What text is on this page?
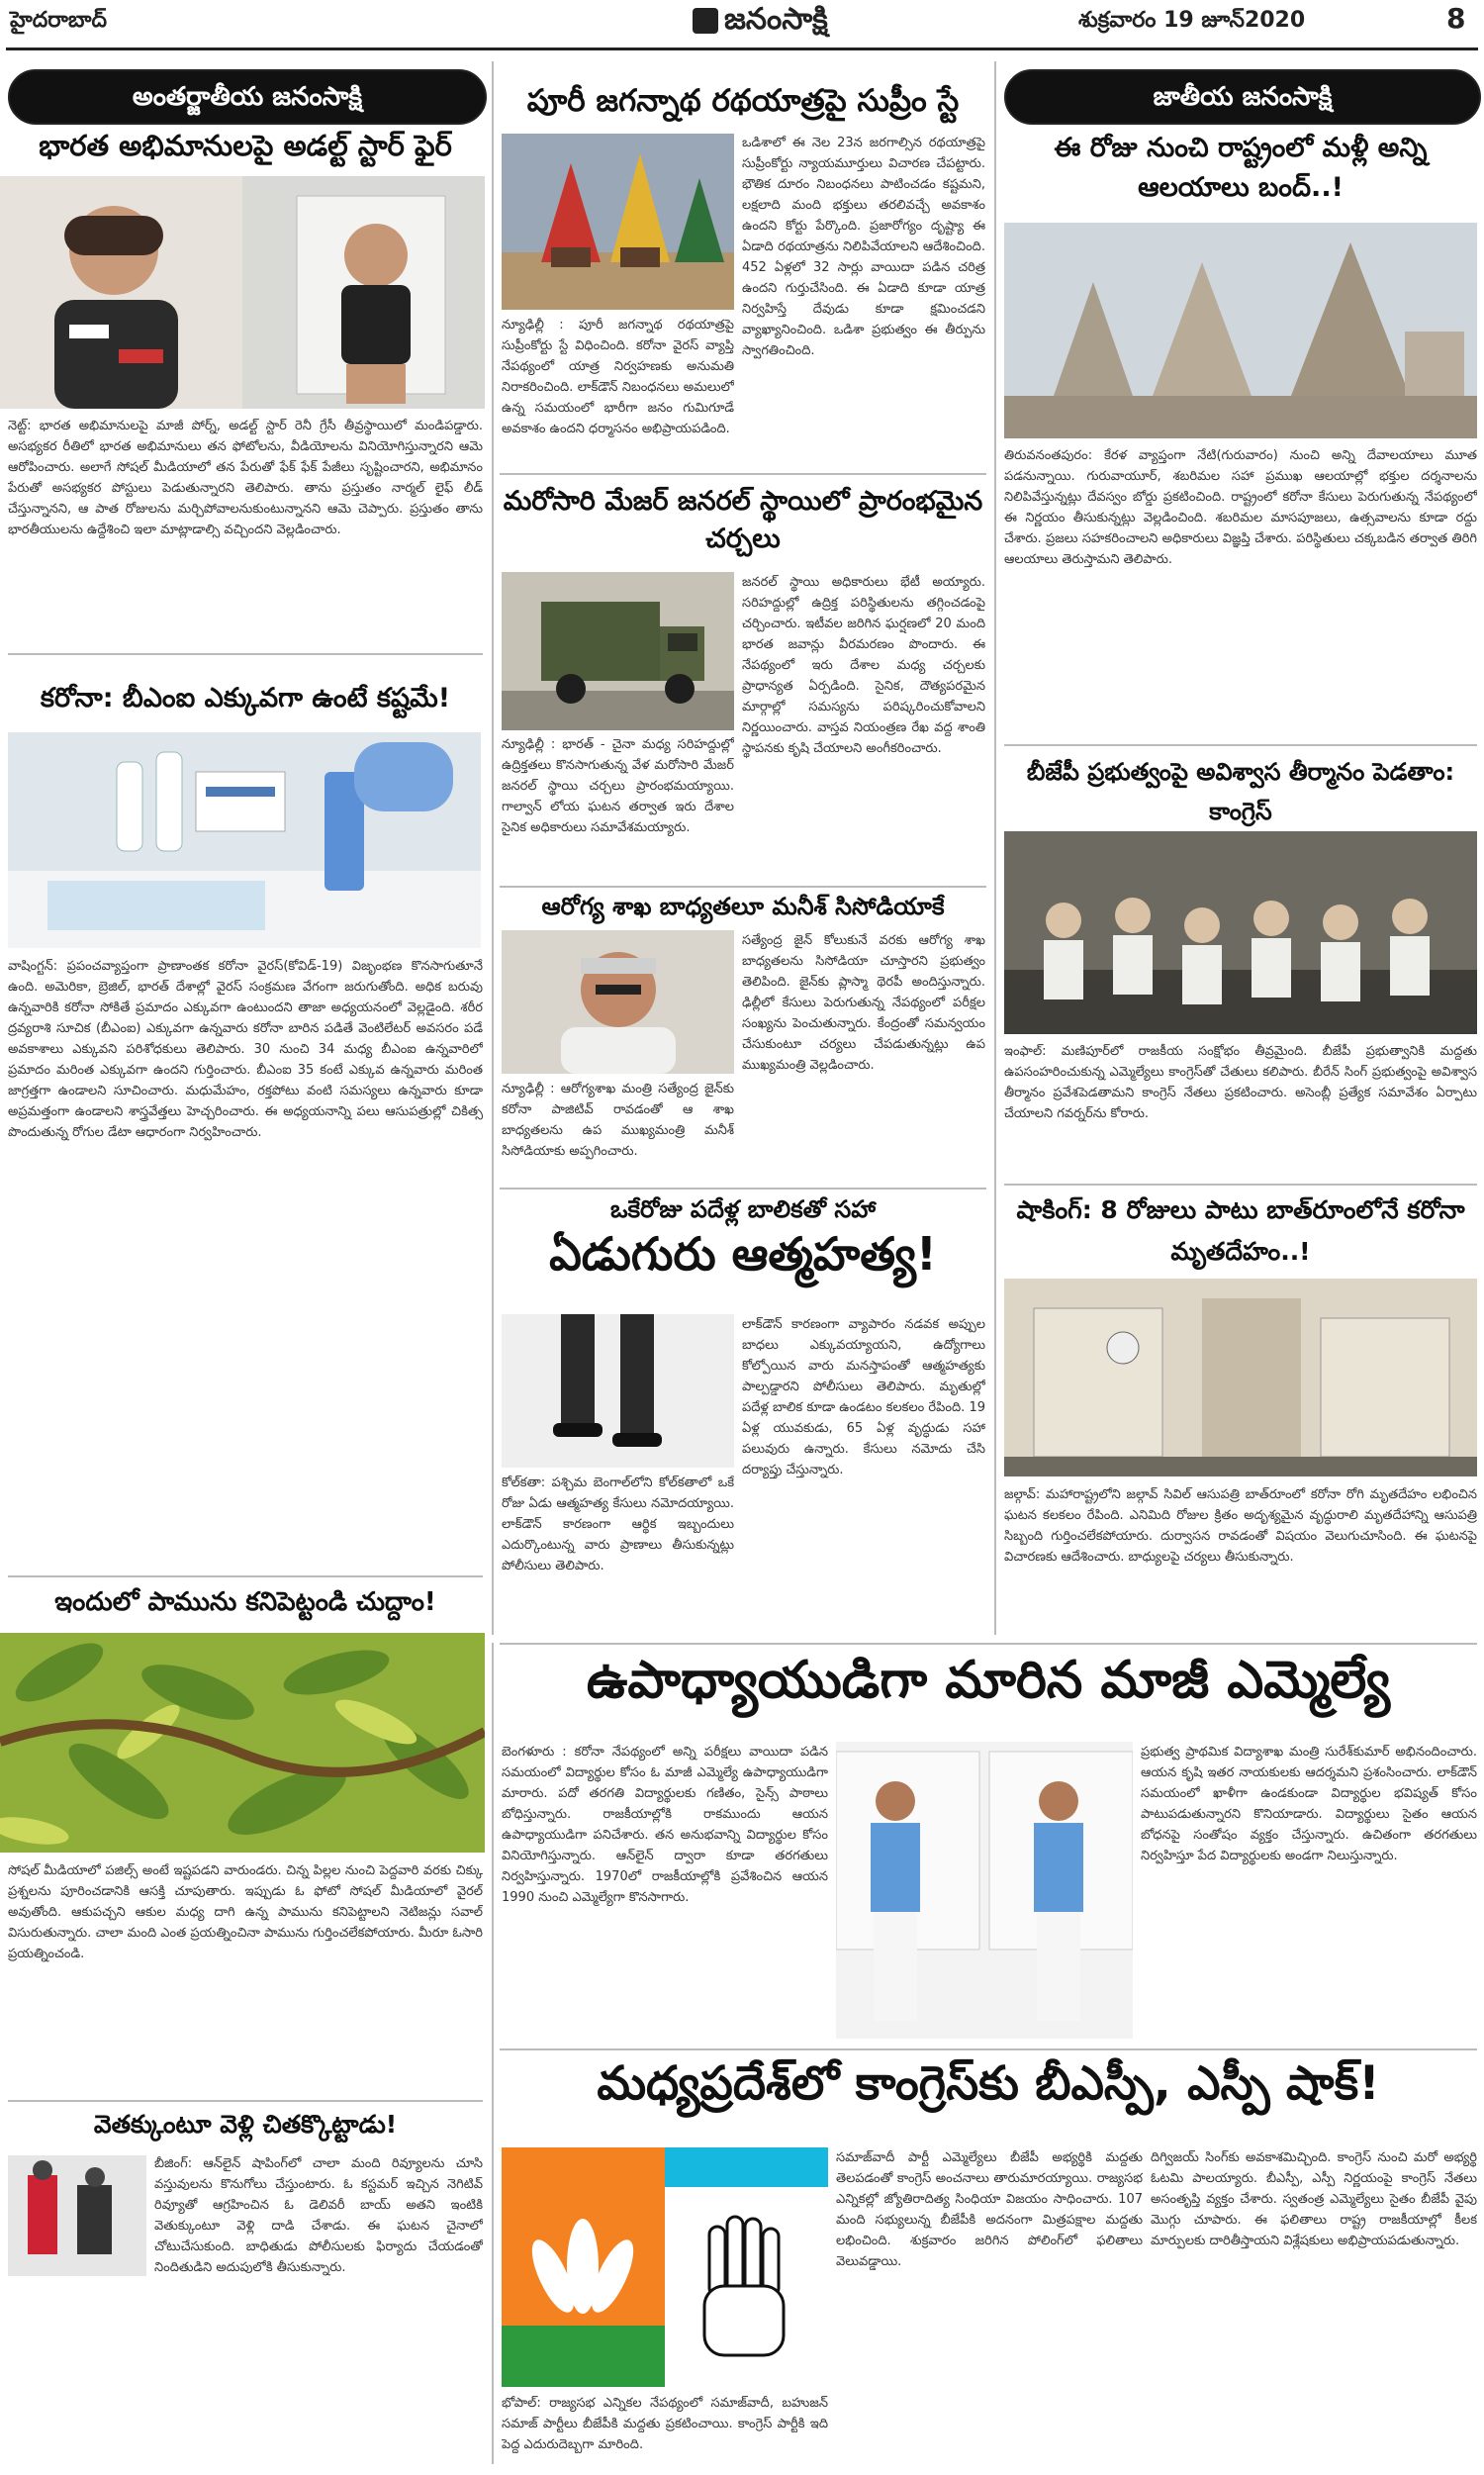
హైదరాబాద్	జనంసాక్షి	శుక్రవారం 19 జూన్2020	8
అంతర్జాతీయ జనంసాక్షి
భారత అభిమానులపై అడల్ట్ స్టార్ ఫైర్
నెట్ట్: భారత అభిమానులపై మాజీ పోర్న్, అడల్ట్ స్టార్ రెనీ గ్రేసీ తీవ్రస్థాయిలో మండిపడ్డారు. అసభ్యకర రీతిలో భారత అభిమానులు తన ఫోటోలను, వీడియోలను వినియోగిస్తున్నారని ఆమె ఆరోపించారు. అలాగే సోషల్ మీడియాలో తన పేరుతో ఫేక్ ఫేక్ పేజీలు సృష్టించారని, అభిమానం పేరుతో అసభ్యకర పోస్టులు పెడుతున్నారని తెలిపారు. తాను ప్రస్తుతం నార్మల్ లైఫ్ లీడ్ చేస్తున్నానని, ఆ పాత రోజులను మర్చిపోవాలనుకుంటున్నానని ఆమె చెప్పారు. ప్రస్తుతం తాను భారతీయులను ఉద్దేశించి ఇలా మాట్లాడాల్సి వచ్చిందని వెల్లడించారు.
కరోనా: బీఎంఐ ఎక్కువగా ఉంటే కష్టమే!
వాషింగ్టన్: ప్రపంచవ్యాప్తంగా ప్రాణాంతక కరోనా వైరస్(కోవిడ్-19) విజృంభణ కొనసాగుతూనే ఉంది. అమెరికా, బ్రెజిల్, భారత్ దేశాల్లో వైరస్ సంక్రమణ వేగంగా జరుగుతోంది. అధిక బరువు ఉన్నవారికి కరోనా సోకితే ప్రమాదం ఎక్కువగా ఉంటుందని తాజా అధ్యయనంలో వెల్లడైంది. శరీర ద్రవ్యరాశి సూచిక (బీఎంఐ) ఎక్కువగా ఉన్నవారు కరోనా బారిన పడితే వెంటిలేటర్ అవసరం పడే అవకాశాలు ఎక్కువని పరిశోధకులు తెలిపారు. 30 నుంచి 34 మధ్య బీఎంఐ ఉన్నవారిలో ప్రమాదం మరింత ఎక్కువగా ఉందని గుర్తించారు. బీఎంఐ 35 కంటే ఎక్కువ ఉన్నవారు మరింత జాగ్రత్తగా ఉండాలని సూచించారు. మధుమేహం, రక్తపోటు వంటి సమస్యలు ఉన్నవారు కూడా అప్రమత్తంగా ఉండాలని శాస్త్రవేత్తలు హెచ్చరించారు. ఈ అధ్యయనాన్ని పలు ఆసుపత్రుల్లో చికిత్స పొందుతున్న రోగుల డేటా ఆధారంగా నిర్వహించారు.
ఇందులో పామును కనిపెట్టండి చుద్దాం!
సోషల్ మీడియాలో పజిల్స్ అంటే ఇష్టపడని వారుండరు. చిన్న పిల్లల నుంచి పెద్దవారి వరకు చిక్కు ప్రశ్నలను పూరించడానికి ఆసక్తి చూపుతారు. ఇప్పుడు ఓ ఫోటో సోషల్ మీడియాలో వైరల్ అవుతోంది. ఆకుపచ్చని ఆకుల మధ్య దాగి ఉన్న పామును కనిపెట్టాలని నెటిజన్లు సవాల్ విసురుతున్నారు. చాలా మంది ఎంత ప్రయత్నించినా పామును గుర్తించలేకపోయారు. మీరూ ఓసారి ప్రయత్నించండి.
వెతక్కుంటూ వెళ్లి చితక్కొట్టాడు!
బీజింగ్: ఆన్‌లైన్ షాపింగ్‌లో చాలా మంది రివ్యూలను చూసి వస్తువులను కొనుగోలు చేస్తుంటారు. ఓ కస్టమర్ ఇచ్చిన నెగిటివ్ రివ్యూతో ఆగ్రహించిన ఓ డెలివరీ బాయ్ అతని ఇంటికి వెతుక్కుంటూ వెళ్లి దాడి చేశాడు. ఈ ఘటన చైనాలో చోటుచేసుకుంది. బాధితుడు పోలీసులకు ఫిర్యాదు చేయడంతో నిందితుడిని అదుపులోకి తీసుకున్నారు.
పూరీ జగన్నాథ రథయాత్రపై సుప్రీం స్టే
న్యూఢిల్లీ : పూరీ జగన్నాథ రథయాత్రపై సుప్రీంకోర్టు స్టే విధించింది. కరోనా వైరస్ వ్యాప్తి నేపథ్యంలో యాత్ర నిర్వహణకు అనుమతి నిరాకరించింది. లాక్‌డౌన్ నిబంధనలు అమలులో ఉన్న సమయంలో భారీగా జనం గుమిగూడే అవకాశం ఉందని ధర్మాసనం అభిప్రాయపడింది.
ఒడిశాలో ఈ నెల 23న జరగాల్సిన రథయాత్రపై సుప్రీంకోర్టు న్యాయమూర్తులు విచారణ చేపట్టారు. భౌతిక దూరం నిబంధనలు పాటించడం కష్టమని, లక్షలాది మంది భక్తులు తరలివచ్చే అవకాశం ఉందని కోర్టు పేర్కొంది. ప్రజారోగ్యం దృష్ట్యా ఈ ఏడాది రథయాత్రను నిలిపివేయాలని ఆదేశించింది. 452 ఏళ్లలో 32 సార్లు వాయిదా పడిన చరిత్ర ఉందని గుర్తుచేసింది. ఈ ఏడాది కూడా యాత్ర నిర్వహిస్తే దేవుడు కూడా క్షమించడని వ్యాఖ్యానించింది. ఒడిశా ప్రభుత్వం ఈ తీర్పును స్వాగతించింది.
మరోసారి మేజర్ జనరల్ స్థాయిలో ప్రారంభమైన చర్చలు
న్యూఢిల్లీ : భారత్ - చైనా మధ్య సరిహద్దుల్లో ఉద్రిక్తతలు కొనసాగుతున్న వేళ మరోసారి మేజర్ జనరల్ స్థాయి చర్చలు ప్రారంభమయ్యాయి. గాల్వాన్ లోయ ఘటన తర్వాత ఇరు దేశాల సైనిక అధికారులు సమావేశమయ్యారు.
జనరల్ స్థాయి అధికారులు భేటీ అయ్యారు. సరిహద్దుల్లో ఉద్రిక్త పరిస్థితులను తగ్గించడంపై చర్చించారు. ఇటీవల జరిగిన ఘర్షణలో 20 మంది భారత జవాన్లు వీరమరణం పొందారు. ఈ నేపథ్యంలో ఇరు దేశాల మధ్య చర్చలకు ప్రాధాన్యత ఏర్పడింది. సైనిక, దౌత్యపరమైన మార్గాల్లో సమస్యను పరిష్కరించుకోవాలని నిర్ణయించారు. వాస్తవ నియంత్రణ రేఖ వద్ద శాంతి స్థాపనకు కృషి చేయాలని అంగీకరించారు.
ఆరోగ్య శాఖ బాధ్యతలూ మనీశ్ సిసోడియాకే
న్యూఢిల్లీ : ఆరోగ్యశాఖ మంత్రి సత్యేంద్ర జైన్‌కు కరోనా పాజిటివ్ రావడంతో ఆ శాఖ బాధ్యతలను ఉప ముఖ్యమంత్రి మనీశ్ సిసోడియాకు అప్పగించారు.
సత్యేంద్ర జైన్ కోలుకునే వరకు ఆరోగ్య శాఖ బాధ్యతలను సిసోడియా చూస్తారని ప్రభుత్వం తెలిపింది. జైన్‌కు ప్లాస్మా థెరపీ అందిస్తున్నారు. ఢిల్లీలో కేసులు పెరుగుతున్న నేపథ్యంలో పరీక్షల సంఖ్యను పెంచుతున్నారు. కేంద్రంతో సమన్వయం చేసుకుంటూ చర్యలు చేపడుతున్నట్లు ఉప ముఖ్యమంత్రి వెల్లడించారు.
ఒకేరోజు పదేళ్ల బాలికతో సహా
ఏడుగురు ఆత్మహత్య!
కోల్‌కతా: పశ్చిమ బెంగాల్‌లోని కోల్‌కతాలో ఒకే రోజు ఏడు ఆత్మహత్య కేసులు నమోదయ్యాయి. లాక్‌డౌన్ కారణంగా ఆర్థిక ఇబ్బందులు ఎదుర్కొంటున్న వారు ప్రాణాలు తీసుకున్నట్లు పోలీసులు తెలిపారు.
లాక్‌డౌన్ కారణంగా వ్యాపారం నడవక అప్పుల బాధలు ఎక్కువయ్యాయని, ఉద్యోగాలు కోల్పోయిన వారు మనస్తాపంతో ఆత్మహత్యకు పాల్పడ్డారని పోలీసులు తెలిపారు. మృతుల్లో పదేళ్ల బాలిక కూడా ఉండటం కలకలం రేపింది. 19 ఏళ్ల యువకుడు, 65 ఏళ్ల వృద్ధుడు సహా పలువురు ఉన్నారు. కేసులు నమోదు చేసి దర్యాప్తు చేస్తున్నారు.
జాతీయ జనంసాక్షి
ఈ రోజు నుంచి రాష్ట్రంలో మళ్లీ అన్ని ఆలయాలు బంద్..!
తిరువనంతపురం: కేరళ వ్యాప్తంగా నేటి(గురువారం) నుంచి అన్ని దేవాలయాలు మూత పడనున్నాయి. గురువాయూర్, శబరిమల సహా ప్రముఖ ఆలయాల్లో భక్తుల దర్శనాలను నిలిపివేస్తున్నట్లు దేవస్వం బోర్డు ప్రకటించింది. రాష్ట్రంలో కరోనా కేసులు పెరుగుతున్న నేపథ్యంలో ఈ నిర్ణయం తీసుకున్నట్లు వెల్లడించింది. శబరిమల మాసపూజలు, ఉత్సవాలను కూడా రద్దు చేశారు. ప్రజలు సహకరించాలని అధికారులు విజ్ఞప్తి చేశారు. పరిస్థితులు చక్కబడిన తర్వాత తిరిగి ఆలయాలు తెరుస్తామని తెలిపారు.
బీజేపీ ప్రభుత్వంపై అవిశ్వాస తీర్మానం పెడతాం: కాంగ్రెస్
ఇంఫాల్: మణిపూర్‌లో రాజకీయ సంక్షోభం తీవ్రమైంది. బీజేపీ ప్రభుత్వానికి మద్దతు ఉపసంహరించుకున్న ఎమ్మెల్యేలు కాంగ్రెస్‌తో చేతులు కలిపారు. బీరేన్ సింగ్ ప్రభుత్వంపై అవిశ్వాస తీర్మానం ప్రవేశపెడతామని కాంగ్రెస్ నేతలు ప్రకటించారు. అసెంబ్లీ ప్రత్యేక సమావేశం ఏర్పాటు చేయాలని గవర్నర్‌ను కోరారు.
షాకింగ్: 8 రోజులు పాటు బాత్‌రూంలోనే కరోనా మృతదేహం..!
జల్గావ్: మహారాష్ట్రలోని జల్గావ్ సివిల్ ఆసుపత్రి బాత్‌రూంలో కరోనా రోగి మృతదేహం లభించిన ఘటన కలకలం రేపింది. ఎనిమిది రోజుల క్రితం అదృశ్యమైన వృద్ధురాలి మృతదేహాన్ని ఆసుపత్రి సిబ్బంది గుర్తించలేకపోయారు. దుర్వాసన రావడంతో విషయం వెలుగుచూసింది. ఈ ఘటనపై విచారణకు ఆదేశించారు. బాధ్యులపై చర్యలు తీసుకున్నారు.
ఉపాధ్యాయుడిగా మారిన మాజీ ఎమ్మెల్యే
బెంగళూరు : కరోనా నేపథ్యంలో అన్ని పరీక్షలు వాయిదా పడిన సమయంలో విద్యార్థుల కోసం ఓ మాజీ ఎమ్మెల్యే ఉపాధ్యాయుడిగా మారారు. పదో తరగతి విద్యార్థులకు గణితం, సైన్స్ పాఠాలు బోధిస్తున్నారు. రాజకీయాల్లోకి రాకముందు ఆయన ఉపాధ్యాయుడిగా పనిచేశారు. తన అనుభవాన్ని విద్యార్థుల కోసం వినియోగిస్తున్నారు. ఆన్‌లైన్ ద్వారా కూడా తరగతులు నిర్వహిస్తున్నారు. 1970లో రాజకీయాల్లోకి ప్రవేశించిన ఆయన 1990 నుంచి ఎమ్మెల్యేగా కొనసాగారు.
ప్రభుత్వ ప్రాథమిక విద్యాశాఖ మంత్రి సురేశ్‌కుమార్ అభినందించారు. ఆయన కృషి ఇతర నాయకులకు ఆదర్శమని ప్రశంసించారు. లాక్‌డౌన్ సమయంలో ఖాళీగా ఉండకుండా విద్యార్థుల భవిష్యత్ కోసం పాటుపడుతున్నారని కొనియాడారు. విద్యార్థులు సైతం ఆయన బోధనపై సంతోషం వ్యక్తం చేస్తున్నారు. ఉచితంగా తరగతులు నిర్వహిస్తూ పేద విద్యార్థులకు అండగా నిలుస్తున్నారు.
మధ్యప్రదేశ్‌లో కాంగ్రెస్‌కు బీఎస్పీ, ఎస్పీ షాక్!
భోపాల్: రాజ్యసభ ఎన్నికల నేపథ్యంలో సమాజ్‌వాదీ, బహుజన్ సమాజ్ పార్టీలు బీజేపీకి మద్దతు ప్రకటించాయి. కాంగ్రెస్ పార్టీకి ఇది పెద్ద ఎదురుదెబ్బగా మారింది.
సమాజ్‌వాదీ పార్టీ ఎమ్మెల్యేలు బీజేపీ అభ్యర్థికి మద్దతు తెలపడంతో కాంగ్రెస్ అంచనాలు తారుమారయ్యాయి. రాజ్యసభ ఎన్నికల్లో జ్యోతిరాదిత్య సింధియా విజయం సాధించారు. 107 మంది సభ్యులున్న బీజేపీకి అదనంగా మిత్రపక్షాల మద్దతు లభించింది. శుక్రవారం జరిగిన పోలింగ్‌లో ఫలితాలు వెలువడ్డాయి.
దిగ్విజయ్ సింగ్‌కు అవకాశమిచ్చింది. కాంగ్రెస్ నుంచి మరో అభ్యర్థి ఓటమి పాలయ్యారు. బీఎస్పీ, ఎస్పీ నిర్ణయంపై కాంగ్రెస్ నేతలు అసంతృప్తి వ్యక్తం చేశారు. స్వతంత్ర ఎమ్మెల్యేలు సైతం బీజేపీ వైపు మొగ్గు చూపారు. ఈ ఫలితాలు రాష్ట్ర రాజకీయాల్లో కీలక మార్పులకు దారితీస్తాయని విశ్లేషకులు అభిప్రాయపడుతున్నారు.
